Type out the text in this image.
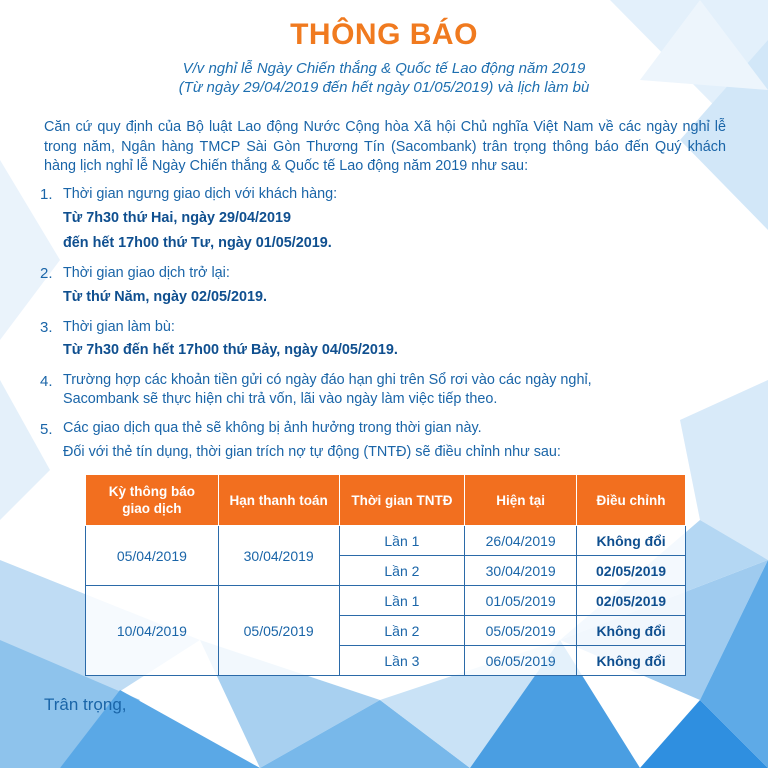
THÔNG BÁO
V/v nghỉ lễ Ngày Chiến thắng & Quốc tế Lao động năm 2019
(Từ ngày 29/04/2019 đến hết ngày 01/05/2019) và lịch làm bù
Căn cứ quy định của Bộ luật Lao động Nước Cộng hòa Xã hội Chủ nghĩa Việt Nam về các ngày nghỉ lễ trong năm, Ngân hàng TMCP Sài Gòn Thương Tín (Sacombank) trân trọng thông báo đến Quý khách hàng lịch nghỉ lễ Ngày Chiến thắng & Quốc tế Lao động năm 2019 như sau:
1. Thời gian ngưng giao dịch với khách hàng:
Từ 7h30 thứ Hai, ngày 29/04/2019
đến hết 17h00 thứ Tư, ngày 01/05/2019.
2. Thời gian giao dịch trở lại:
Từ thứ Năm, ngày 02/05/2019.
3. Thời gian làm bù:
Từ 7h30 đến hết 17h00 thứ Bảy, ngày 04/05/2019.
4. Trường hợp các khoản tiền gửi có ngày đáo hạn ghi trên Sổ rơi vào các ngày nghỉ,
Sacombank sẽ thực hiện chi trả vốn, lãi vào ngày làm việc tiếp theo.
5. Các giao dịch qua thẻ sẽ không bị ảnh hưởng trong thời gian này.
Đối với thẻ tín dụng, thời gian trích nợ tự động (TNTĐ) sẽ điều chỉnh như sau:
Kỳ thông báo
giao dịch	Hạn thanh toán	Thời gian TNTĐ	Hiện tại	Điều chỉnh
05/04/2019	30/04/2019	Lần 1	26/04/2019	Không đổi
		Lần 2	30/04/2019	02/05/2019
10/04/2019	05/05/2019	Lần 1	01/05/2019	02/05/2019
		Lần 2	05/05/2019	Không đổi
		Lần 3	06/05/2019	Không đổi
Trân trọng,
